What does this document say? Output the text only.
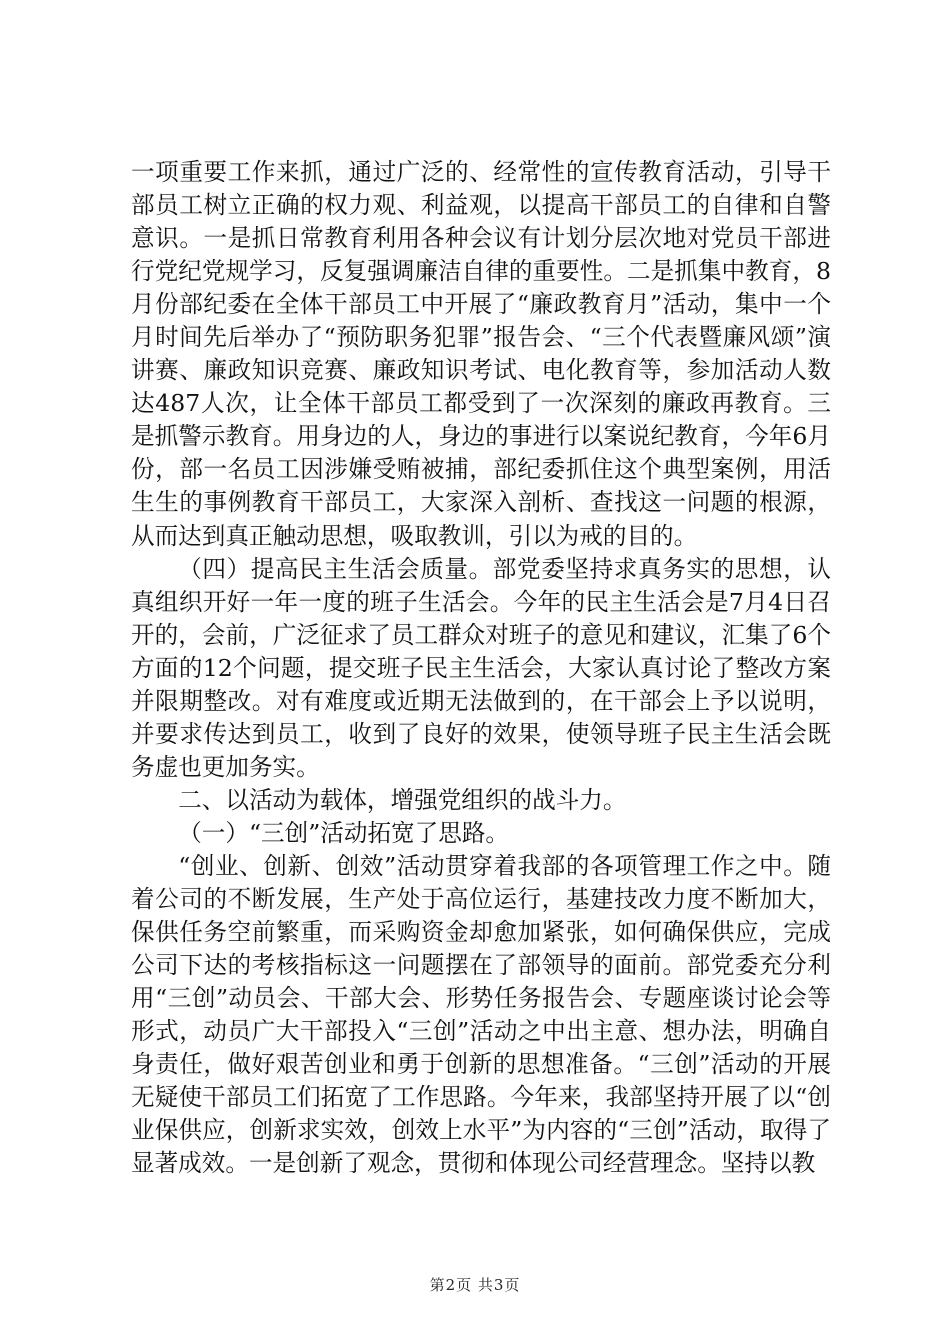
一项重要工作来抓，通过广泛的、经常性的宣传教育活动，引导干部员工树立正确的权力观、利益观，以提高干部员工的自律和自警意识。一是抓日常教育利用各种会议有计划分层次地对党员干部进行党纪党规学习，反复强调廉洁自律的重要性。二是抓集中教育，8月份部纪委在全体干部员工中开展了“廉政教育月”活动，集中一个月时间先后举办了“预防职务犯罪”报告会、“三个代表暨廉风颂”演讲赛、廉政知识竞赛、廉政知识考试、电化教育等，参加活动人数达487人次，让全体干部员工都受到了一次深刻的廉政再教育。三是抓警示教育。用身边的人，身边的事进行以案说纪教育，今年6月份，部一名员工因涉嫌受贿被捕，部纪委抓住这个典型案例，用活生生的事例教育干部员工，大家深入剖析、查找这一问题的根源，从而达到真正触动思想，吸取教训，引以为戒的目的。

（四）提高民主生活会质量。部党委坚持求真务实的思想，认真组织开好一年一度的班子生活会。今年的民主生活会是7月4日召开的，会前，广泛征求了员工群众对班子的意见和建议，汇集了6个方面的12个问题，提交班子民主生活会，大家认真讨论了整改方案并限期整改。对有难度或近期无法做到的，在干部会上予以说明，并要求传达到员工，收到了良好的效果，使领导班子民主生活会既务虚也更加务实。

二、以活动为载体，增强党组织的战斗力。

（一）“三创”活动拓宽了思路。

“创业、创新、创效”活动贯穿着我部的各项管理工作之中。随着公司的不断发展，生产处于高位运行，基建技改力度不断加大，保供任务空前繁重，而采购资金却愈加紧张，如何确保供应，完成公司下达的考核指标这一问题摆在了部领导的面前。部党委充分利用“三创”动员会、干部大会、形势任务报告会、专题座谈讨论会等形式，动员广大干部投入“三创”活动之中出主意、想办法，明确自身责任，做好艰苦创业和勇于创新的思想准备。“三创”活动的开展无疑使干部员工们拓宽了工作思路。今年来，我部坚持开展了以“创业保供应，创新求实效，创效上水平”为内容的“三创”活动，取得了显著成效。一是创新了观念，贯彻和体现公司经营理念。坚持以教

第2页 共3页
